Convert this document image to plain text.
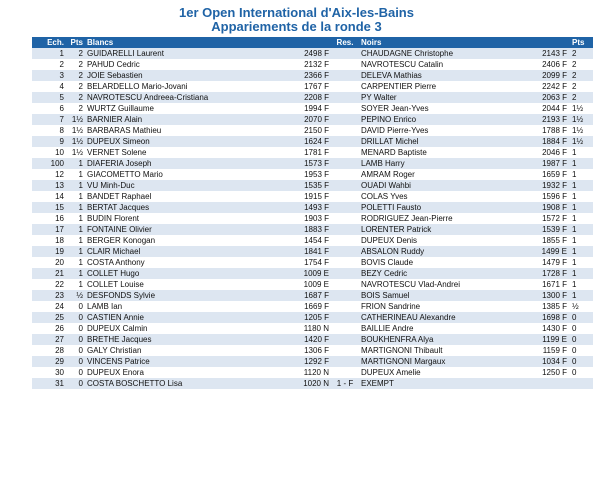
1er Open International d'Aix-les-Bains
Appariements de la ronde 3
Ech.	Pts	Blancs		Res.	Noirs		Pts
1	2	GUIDARELLI Laurent	2498 F		CHAUDAGNE Christophe	2143 F	2
2	2	PAHUD Cedric	2132 F		NAVROTESCU Catalin	2406 F	2
3	2	JOIE Sebastien	2366 F		DELEVA Mathias	2099 F	2
4	2	BELARDELLO Mario-Jovani	1767 F		CARPENTIER Pierre	2242 F	2
5	2	NAVROTESCU Andreea-Cristiana	2208 F		PY Walter	2063 F	2
6	2	WURTZ Guillaume	1994 F		SOYER Jean-Yves	2044 F	1½
7	1½	BARNIER Alain	2070 F		PEPINO Enrico	2193 F	1½
8	1½	BARBARAS Mathieu	2150 F		DAVID Pierre-Yves	1788 F	1½
9	1½	DUPEUX Simeon	1624 F		DRILLAT Michel	1884 F	1½
10	1½	VERNET Solene	1781 F		MENARD Baptiste	2046 F	1
100	1	DIAFERIA Joseph	1573 F		LAMB Harry	1987 F	1
12	1	GIACOMETTO Mario	1953 F		AMRAM Roger	1659 F	1
13	1	VU Minh-Duc	1535 F		OUADI Wahbi	1932 F	1
14	1	BANDET Raphael	1915 F		COLAS Yves	1596 F	1
15	1	BERTAT Jacques	1493 F		POLETTI Fausto	1908 F	1
16	1	BUDIN Florent	1903 F		RODRIGUEZ Jean-Pierre	1572 F	1
17	1	FONTAINE Olivier	1883 F		LORENTER Patrick	1539 F	1
18	1	BERGER Konogan	1454 F		DUPEUX Denis	1855 F	1
19	1	CLAIR Michael	1841 F		ABSALON Ruddy	1499 E	1
20	1	COSTA Anthony	1754 F		BOVIS Claude	1479 F	1
21	1	COLLET Hugo	1009 E		BEZY Cedric	1728 F	1
22	1	COLLET Louise	1009 E		NAVROTESCU Vlad-Andrei	1671 F	1
23	½	DESFONDS Sylvie	1687 F		BOIS Samuel	1300 F	1
24	0	LAMB Ian	1669 F		FRION Sandrine	1385 F	½
25	0	CASTIEN Annie	1205 F		CATHERINEAU Alexandre	1698 F	0
26	0	DUPEUX Calmin	1180 N		BAILLIE Andre	1430 F	0
27	0	BRETHE Jacques	1420 F		BOUKHENFRA Alya	1199 E	0
28	0	GALY Christian	1306 F		MARTIGNONI Thibault	1159 F	0
29	0	VINCENS Patrice	1292 F		MARTIGNONI Margaux	1034 F	0
30	0	DUPEUX Enora	1120 N		DUPEUX Amelie	1250 F	0
31	0	COSTA BOSCHETTO Lisa	1020 N	1 - F	EXEMPT		
